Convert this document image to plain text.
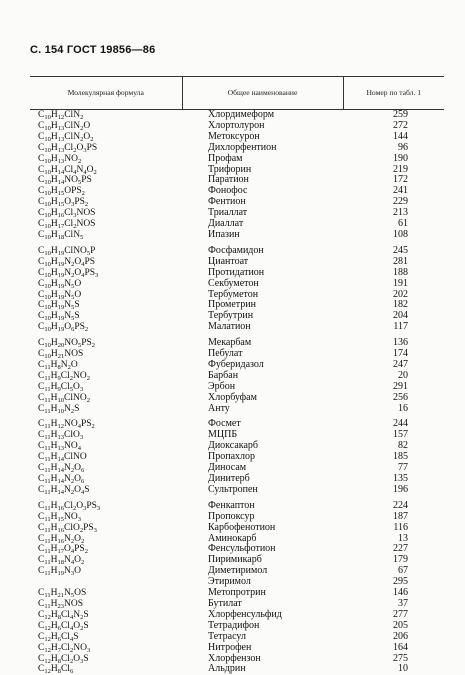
С. 154 ГОСТ 19856—86
Молекулярная формула	Общее наименование	Номер по табл. 1
$C_{10}H_{12}ClN_2$	Хлордимеформ	259
$C_{10}H_{13}ClN_2O$	Хлортолурон	272
$C_{10}H_{13}ClN_2O_2$	Метоксурон	144
$C_{10}H_{13}Cl_2O_3PS$	Дихлорфентион	96
$C_{10}H_{13}NO_2$	Профам	190
$C_{10}H_{14}Cl_4N_4O_2$	Трифорин	219
$C_{10}H_{14}NO_5PS$	Паратион	172
$C_{10}H_{15}OPS_2$	Фонофос	241
$C_{10}H_{15}O_3PS_2$	Фентион	229
$C_{10}H_{16}Cl_3NOS$	Триаллат	213
$C_{10}H_{17}Cl_2NOS$	Диаллат	61
$C_{10}H_{18}ClN_5$	Ипазин	108
$C_{10}H_{19}ClNO_5P$	Фосфамидон	245
$C_{10}H_{19}N_2O_4PS$	Циантоат	281
$C_{10}H_{19}N_2O_4PS_3$	Протидатион	188
$C_{10}H_{19}N_5O$	Секбуметон	191
$C_{10}H_{19}N_5O$	Тербуметон	202
$C_{10}H_{19}N_5S$	Прометрин	182
$C_{10}H_{19}N_5S$	Тербутрин	204
$C_{10}H_{19}O_6PS_2$	Малатион	117
$C_{10}H_{20}NO_5PS_2$	Мекарбам	136
$C_{10}H_{21}NOS$	Пебулат	174
$C_{11}H_8N_2O$	Фуберидазол	247
$C_{11}H_9Cl_2NO_2$	Барбан	20
$C_{11}H_9Cl_5O_3$	Эрбон	291
$C_{11}H_{10}ClNO_2$	Хлорбуфам	256
$C_{11}H_{10}N_2S$	Анту	16
$C_{11}H_{12}NO_4PS_2$	Фосмет	244
$C_{11}H_{13}ClO_3$	МЦПБ	157
$C_{11}H_{13}NO_4$	Диоксакарб	82
$C_{11}H_{14}ClNO$	Пропахлор	185
$C_{11}H_{14}N_2O_6$	Диносам	77
$C_{11}H_{14}N_2O_6$	Динитерб	135
$C_{11}H_{14}N_2O_4S$	Сультропен	196
$C_{11}H_{16}Cl_2O_3PS_3$	Фенкаптон	224
$C_{11}H_{15}NO_3$	Пропоксур	187
$C_{11}H_{16}ClO_2PS_3$	Карбофенотион	116
$C_{11}H_{16}N_2O_2$	Аминокарб	13
$C_{11}H_{17}O_4PS_2$	Фенсульфотион	227
$C_{11}H_{18}N_4O_2$	Пиримикарб	179
$C_{11}H_{19}N_3O$	Диметиримол	67
	Этиримол	295
$C_{11}H_{21}N_5OS$	Метопротрин	146
$C_{11}H_{23}NOS$	Бутилат	37
$C_{12}H_8Cl_4N_2S$	Хлорфенсульфид	277
$C_{12}H_6Cl_4O_2S$	Тетрадифон	205
$C_{12}H_6Cl_4S$	Тетрасул	206
$C_{12}H_7Cl_2NO_3$	Нитрофен	164
$C_{12}H_8Cl_2O_3S$	Хлорфензон	275
$C_{12}H_8Cl_6$	Альдрин	10
